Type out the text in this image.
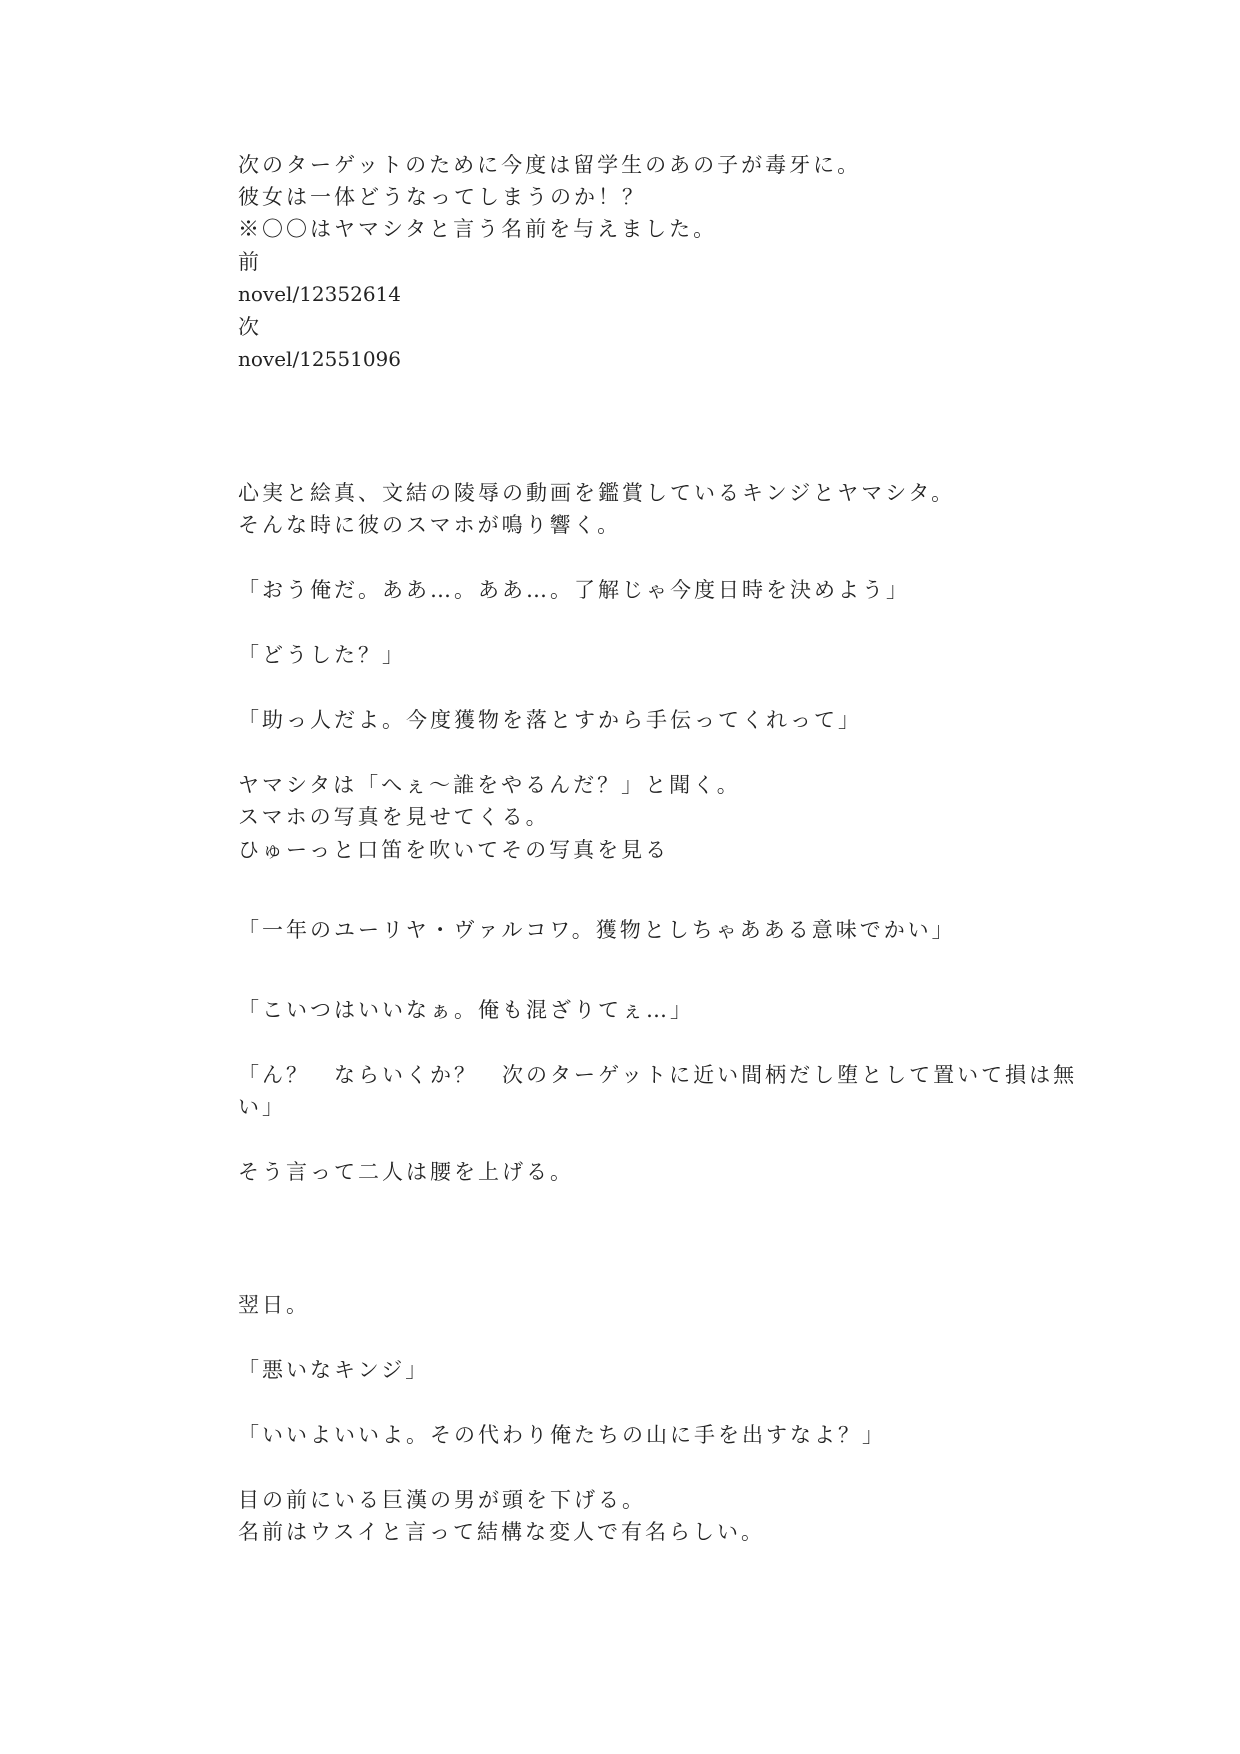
次のターゲットのために今度は留学生のあの子が毒牙に。
彼女は一体どうなってしまうのか！？
※〇〇はヤマシタと言う名前を与えました。
前
novel/12352614
次
novel/12551096
心実と絵真、文結の陵辱の動画を鑑賞しているキンジとヤマシタ。
そんな時に彼のスマホが鳴り響く。
「おう俺だ。ああ…。ああ…。了解じゃ今度日時を決めよう」
「どうした？」
「助っ人だよ。今度獲物を落とすから手伝ってくれって」
ヤマシタは「へぇ～誰をやるんだ？」と聞く。
スマホの写真を見せてくる。
ひゅーっと口笛を吹いてその写真を見る
「一年のユーリヤ・ヴァルコワ。獲物としちゃあある意味でかい」
「こいつはいいなぁ。俺も混ざりてぇ…」
「ん？　ならいくか？　次のターゲットに近い間柄だし堕として置いて損は無
い」
そう言って二人は腰を上げる。
翌日。
「悪いなキンジ」
「いいよいいよ。その代わり俺たちの山に手を出すなよ？」
目の前にいる巨漢の男が頭を下げる。
名前はウスイと言って結構な変人で有名らしい。
